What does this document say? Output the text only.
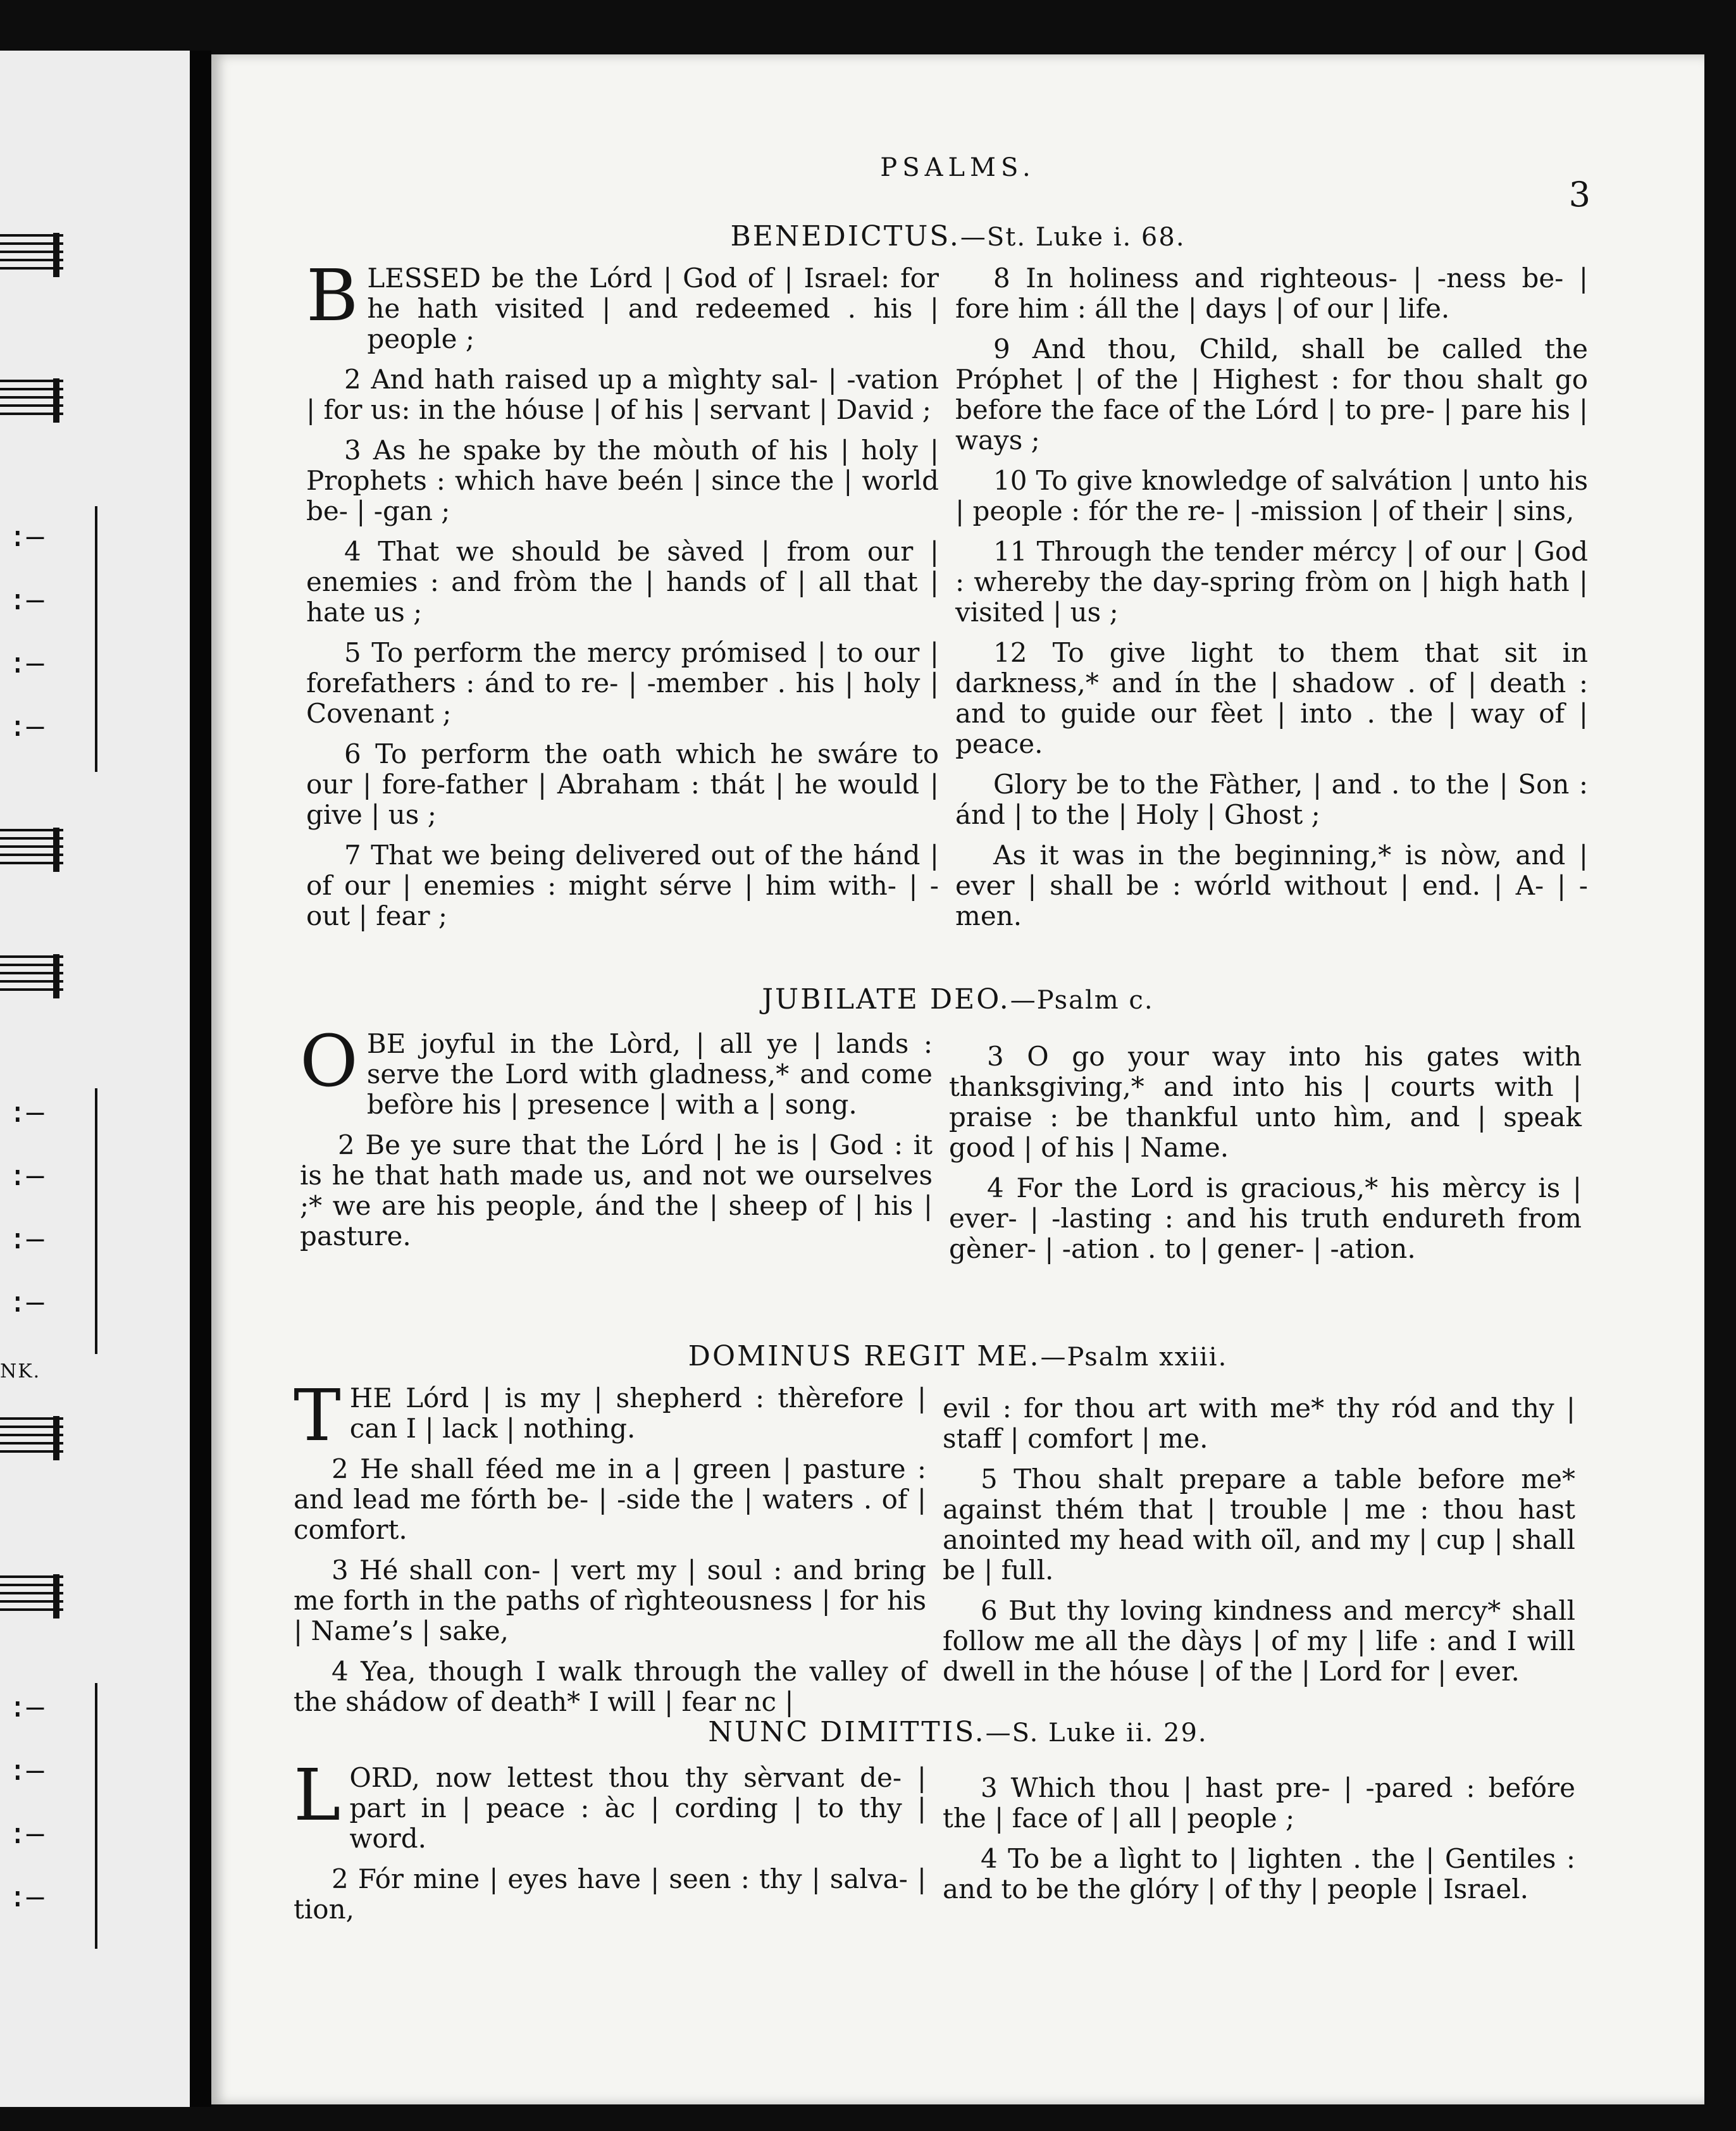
:—
:—
:—
:—
:—
:—
:—
:—
NK.
:—
:—
:—
:—
PSALMS.
3
BENEDICTUS.—St. Luke i. 68.

BLESSED be the Lórd | God of | Israel: for he hath visited | and redeemed . his | people ;

2 And hath raised up a mìghty sal- | -vation | for us: in the hóuse | of his | servant | David ;

3 As he spake by the mòuth of his | holy | Prophets : which have beén | since the | world be- | -gan ;

4 That we should be sàved | from our | enemies : and fròm the | hands of | all that | hate us ;

5 To perform the mercy prómised | to our | forefathers : ánd to re- | -member . his | holy | Covenant ;

6 To perform the oath which he swáre to our | fore-father | Abraham : thát | he would | give | us ;

7 That we being delivered out of the hánd | of our | enemies : might sérve | him with- | -out | fear ;

8 In holiness and righteous- | -ness be- | fore him : áll the | days | of our | life.

9 And thou, Child, shall be called the Próphet | of the | Highest : for thou shalt go before the face of the Lórd | to pre- | pare his | ways ;

10 To give knowledge of salvátion | unto his | people : fór the re- | -mission | of their | sins,

11 Through the tender mércy | of our | God : whereby the day-spring fròm on | high hath | visited | us ;

12 To give light to them that sit in darkness,* and ín the | shadow . of | death : and to guide our fèet | into . the | way of | peace.

Glory be to the Fàther, | and . to the | Son : ánd | to the | Holy | Ghost ;

As it was in the beginning,* is nòw, and | ever | shall be : wórld without | end. | A- | -men.

JUBILATE DEO.—Psalm c.

OBE joyful in the Lòrd, | all ye | lands : serve the Lord with gladness,* and come befòre his | presence | with a | song.

2 Be ye sure that the Lórd | he is | God : it is he that hath made us, and not we ourselves ;* we are his people, ánd the | sheep of | his | pasture.

3 O go your way into his gates with thanksgiving,* and into his | courts with | praise : be thankful unto hìm, and | speak good | of his | Name.

4 For the Lord is gracious,* his mèrcy is | ever- | -lasting : and his truth endureth from gèner- | -ation . to | gener- | -ation.

DOMINUS REGIT ME.—Psalm xxiii.

THE Lórd | is my | shepherd : thèrefore | can I | lack | nothing.

2 He shall féed me in a | green | pasture : and lead me fórth be- | -side the | waters . of | comfort.

3 Hé shall con- | vert my | soul : and bring me forth in the paths of rìghteousness | for his | Name’s | sake,

4 Yea, though I walk through the valley of the shádow of death* I will | fear nc |

evil : for thou art with me* thy ród and thy | staff | comfort | me.

5 Thou shalt prepare a table before me* against thém that | trouble | me : thou hast anointed my head with oïl, and my | cup | shall be | full.

6 But thy loving kindness and mercy* shall follow me all the dàys | of my | life : and I will dwell in the hóuse | of the | Lord for | ever.

NUNC DIMITTIS.—S. Luke ii. 29.

LORD, now lettest thou thy sèrvant de- | part in | peace : àc | cording | to thy | word.

2 Fór mine | eyes have | seen : thy | salva- | tion,

3 Which thou | hast pre- | -pared : befóre the | face of | all | people ;

4 To be a lìght to | lighten . the | Gentiles : and to be the glóry | of thy | people | Israel.
